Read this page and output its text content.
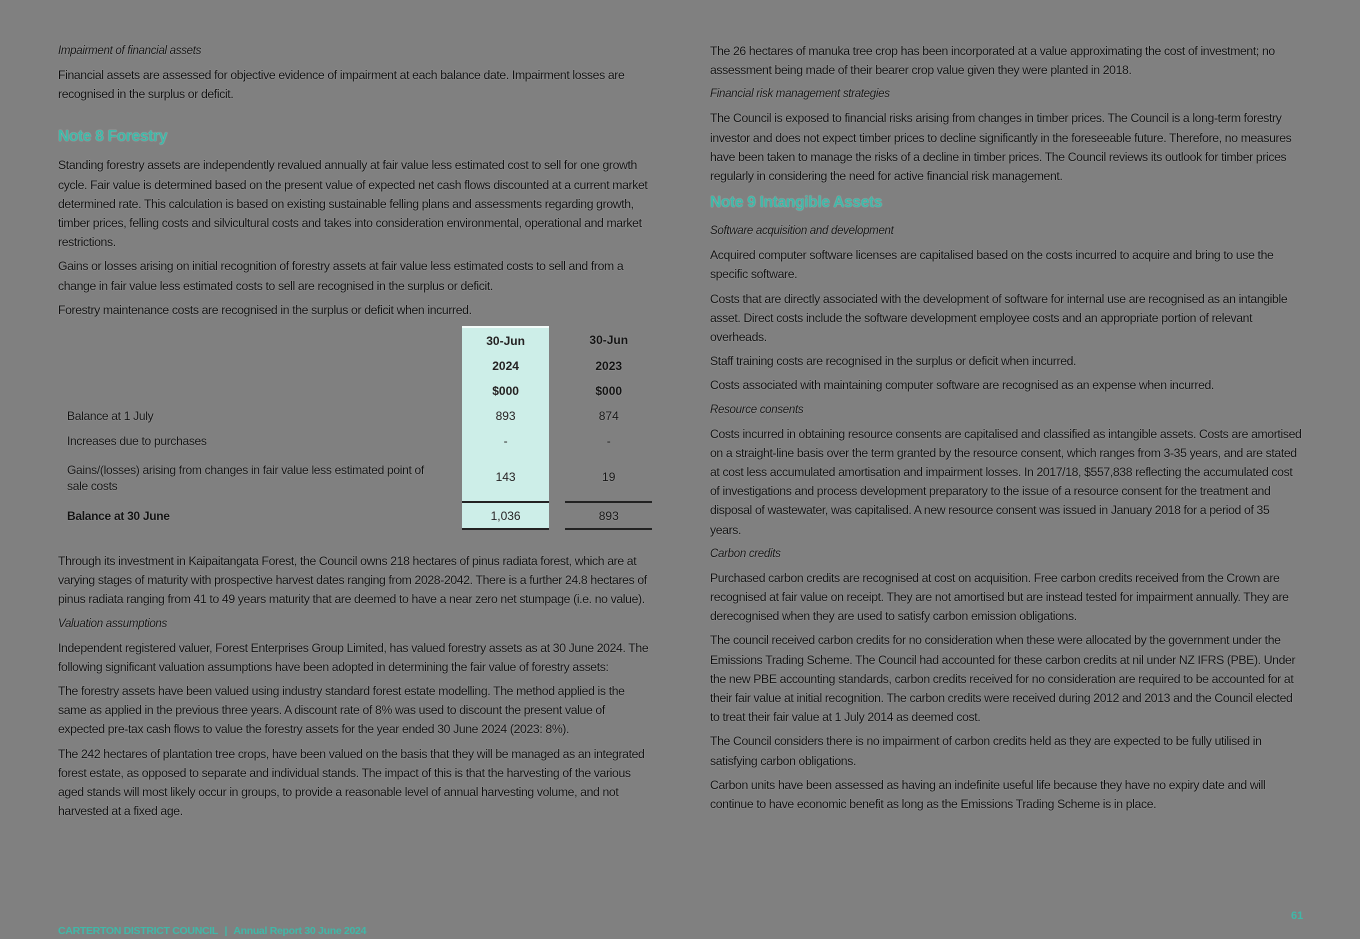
Impairment of financial assets

Financial assets are assessed for objective evidence of impairment at each balance date. Impairment losses are recognised in the surplus or deficit.

Note 8 Forestry

Standing forestry assets are independently revalued annually at fair value less estimated cost to sell for one growth cycle. Fair value is determined based on the present value of expected net cash flows discounted at a current market determined rate. This calculation is based on existing sustainable felling plans and assessments regarding growth, timber prices, felling costs and silvicultural costs and takes into consideration environmental, operational and market restrictions.

Gains or losses arising on initial recognition of forestry assets at fair value less estimated costs to sell and from a change in fair value less estimated costs to sell are recognised in the surplus or deficit.

Forestry maintenance costs are recognised in the surplus or deficit when incurred.

	30-Jun		30-Jun
	2024		2023
	$000		$000
Balance at 1 July	893		874
Increases due to purchases	-		-
Gains/(losses) arising from changes in fair value less estimated point of sale costs	143		19
Balance at 30 June	1,036		893

Through its investment in Kaipaitangata Forest, the Council owns 218 hectares of pinus radiata forest, which are at varying stages of maturity with prospective harvest dates ranging from 2028-2042. There is a further 24.8 hectares of pinus radiata ranging from 41 to 49 years maturity that are deemed to have a near zero net stumpage (i.e. no value).

Valuation assumptions

Independent registered valuer, Forest Enterprises Group Limited, has valued forestry assets as at 30 June 2024. The following significant valuation assumptions have been adopted in determining the fair value of forestry assets:

The forestry assets have been valued using industry standard forest estate modelling. The method applied is the same as applied in the previous three years. A discount rate of 8% was used to discount the present value of expected pre-tax cash flows to value the forestry assets for the year ended 30 June 2024 (2023: 8%).

The 242 hectares of plantation tree crops, have been valued on the basis that they will be managed as an integrated forest estate, as opposed to separate and individual stands. The impact of this is that the harvesting of the various aged stands will most likely occur in groups, to provide a reasonable level of annual harvesting volume, and not harvested at a fixed age.

The 26 hectares of manuka tree crop has been incorporated at a value approximating the cost of investment; no assessment being made of their bearer crop value given they were planted in 2018.

Financial risk management strategies

The Council is exposed to financial risks arising from changes in timber prices. The Council is a long-term forestry investor and does not expect timber prices to decline significantly in the foreseeable future. Therefore, no measures have been taken to manage the risks of a decline in timber prices. The Council reviews its outlook for timber prices regularly in considering the need for active financial risk management.

Note 9 Intangible Assets
Software acquisition and development

Acquired computer software licenses are capitalised based on the costs incurred to acquire and bring to use the specific software.

Costs that are directly associated with the development of software for internal use are recognised as an intangible asset. Direct costs include the software development employee costs and an appropriate portion of relevant overheads.

Staff training costs are recognised in the surplus or deficit when incurred.

Costs associated with maintaining computer software are recognised as an expense when incurred.

Resource consents

Costs incurred in obtaining resource consents are capitalised and classified as intangible assets. Costs are amortised on a straight-line basis over the term granted by the resource consent, which ranges from 3-35 years, and are stated at cost less accumulated amortisation and impairment losses. In 2017/18, $557,838 reflecting the accumulated cost of investigations and process development preparatory to the issue of a resource consent for the treatment and disposal of wastewater, was capitalised. A new resource consent was issued in January 2018 for a period of 35 years.

Carbon credits

Purchased carbon credits are recognised at cost on acquisition. Free carbon credits received from the Crown are recognised at fair value on receipt. They are not amortised but are instead tested for impairment annually. They are derecognised when they are used to satisfy carbon emission obligations.

The council received carbon credits for no consideration when these were allocated by the government under the Emissions Trading Scheme. The Council had accounted for these carbon credits at nil under NZ IFRS (PBE). Under the new PBE accounting standards, carbon credits received for no consideration are required to be accounted for at their fair value at initial recognition. The carbon credits were received during 2012 and 2013 and the Council elected to treat their fair value at 1 July 2014 as deemed cost.

The Council considers there is no impairment of carbon credits held as they are expected to be fully utilised in satisfying carbon obligations.

Carbon units have been assessed as having an indefinite useful life because they have no expiry date and will continue to have economic benefit as long as the Emissions Trading Scheme is in place.

CARTERTON DISTRICT COUNCIL | Annual Report 30 June 2024
61
